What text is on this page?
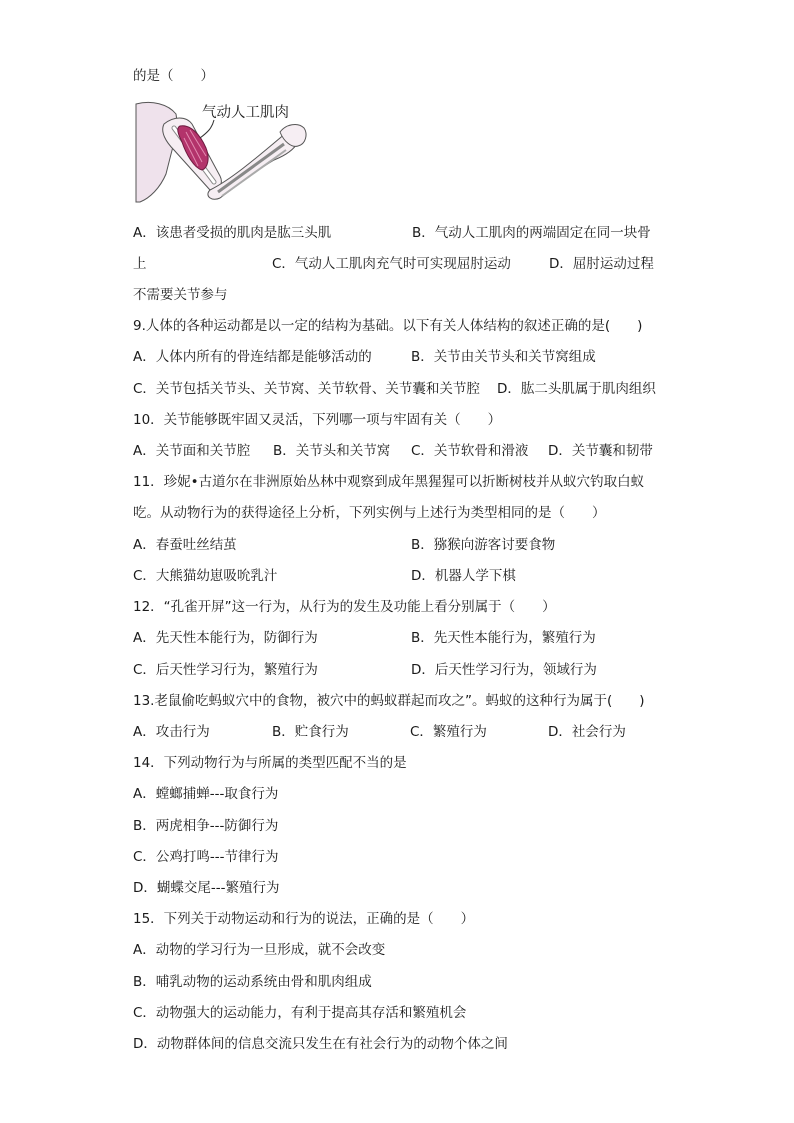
的是（　　）
气动人工肌肉
A．该患者受损的肌肉是肱三头肌	B．气动人工肌肉的两端固定在同一块骨
上	C．气动人工肌肉充气时可实现屈肘运动	D．屈肘运动过程
不需要关节参与
9.人体的各种运动都是以一定的结构为基础。以下有关人体结构的叙述正确的是(　　)
A．人体内所有的骨连结都是能够活动的	B．关节由关节头和关节窝组成
C．关节包括关节头、关节窝、关节软骨、关节囊和关节腔 D．肱二头肌属于肌肉组织
10．关节能够既牢固又灵活，下列哪一项与牢固有关（　　）
A．关节面和关节腔 B．关节头和关节窝 C．关节软骨和滑液 D．关节囊和韧带
11．珍妮•古道尔在非洲原始丛林中观察到成年黑猩猩可以折断树枝并从蚁穴钓取白蚁
吃。从动物行为的获得途径上分析，下列实例与上述行为类型相同的是（　　）
A．春蚕吐丝结茧	B．猕猴向游客讨要食物
C．大熊猫幼崽吸吮乳汁	D．机器人学下棋
12．“孔雀开屏”这一行为，从行为的发生及功能上看分别属于（　　）
A．先天性本能行为，防御行为	B．先天性本能行为，繁殖行为
C．后天性学习行为，繁殖行为	D．后天性学习行为，领域行为
13.老鼠偷吃蚂蚁穴中的食物，被穴中的蚂蚁群起而攻之”。蚂蚁的这种行为属于(　　)
A．攻击行为	B．贮食行为	C．繁殖行为	D．社会行为
14．下列动物行为与所属的类型匹配不当的是
A．螳螂捕蝉---取食行为
B．两虎相争---防御行为
C．公鸡打鸣---节律行为
D．蝴蝶交尾---繁殖行为
15．下列关于动物运动和行为的说法，正确的是（　　）
A．动物的学习行为一旦形成，就不会改变
B．哺乳动物的运动系统由骨和肌肉组成
C．动物强大的运动能力，有利于提高其存活和繁殖机会
D．动物群体间的信息交流只发生在有社会行为的动物个体之间
